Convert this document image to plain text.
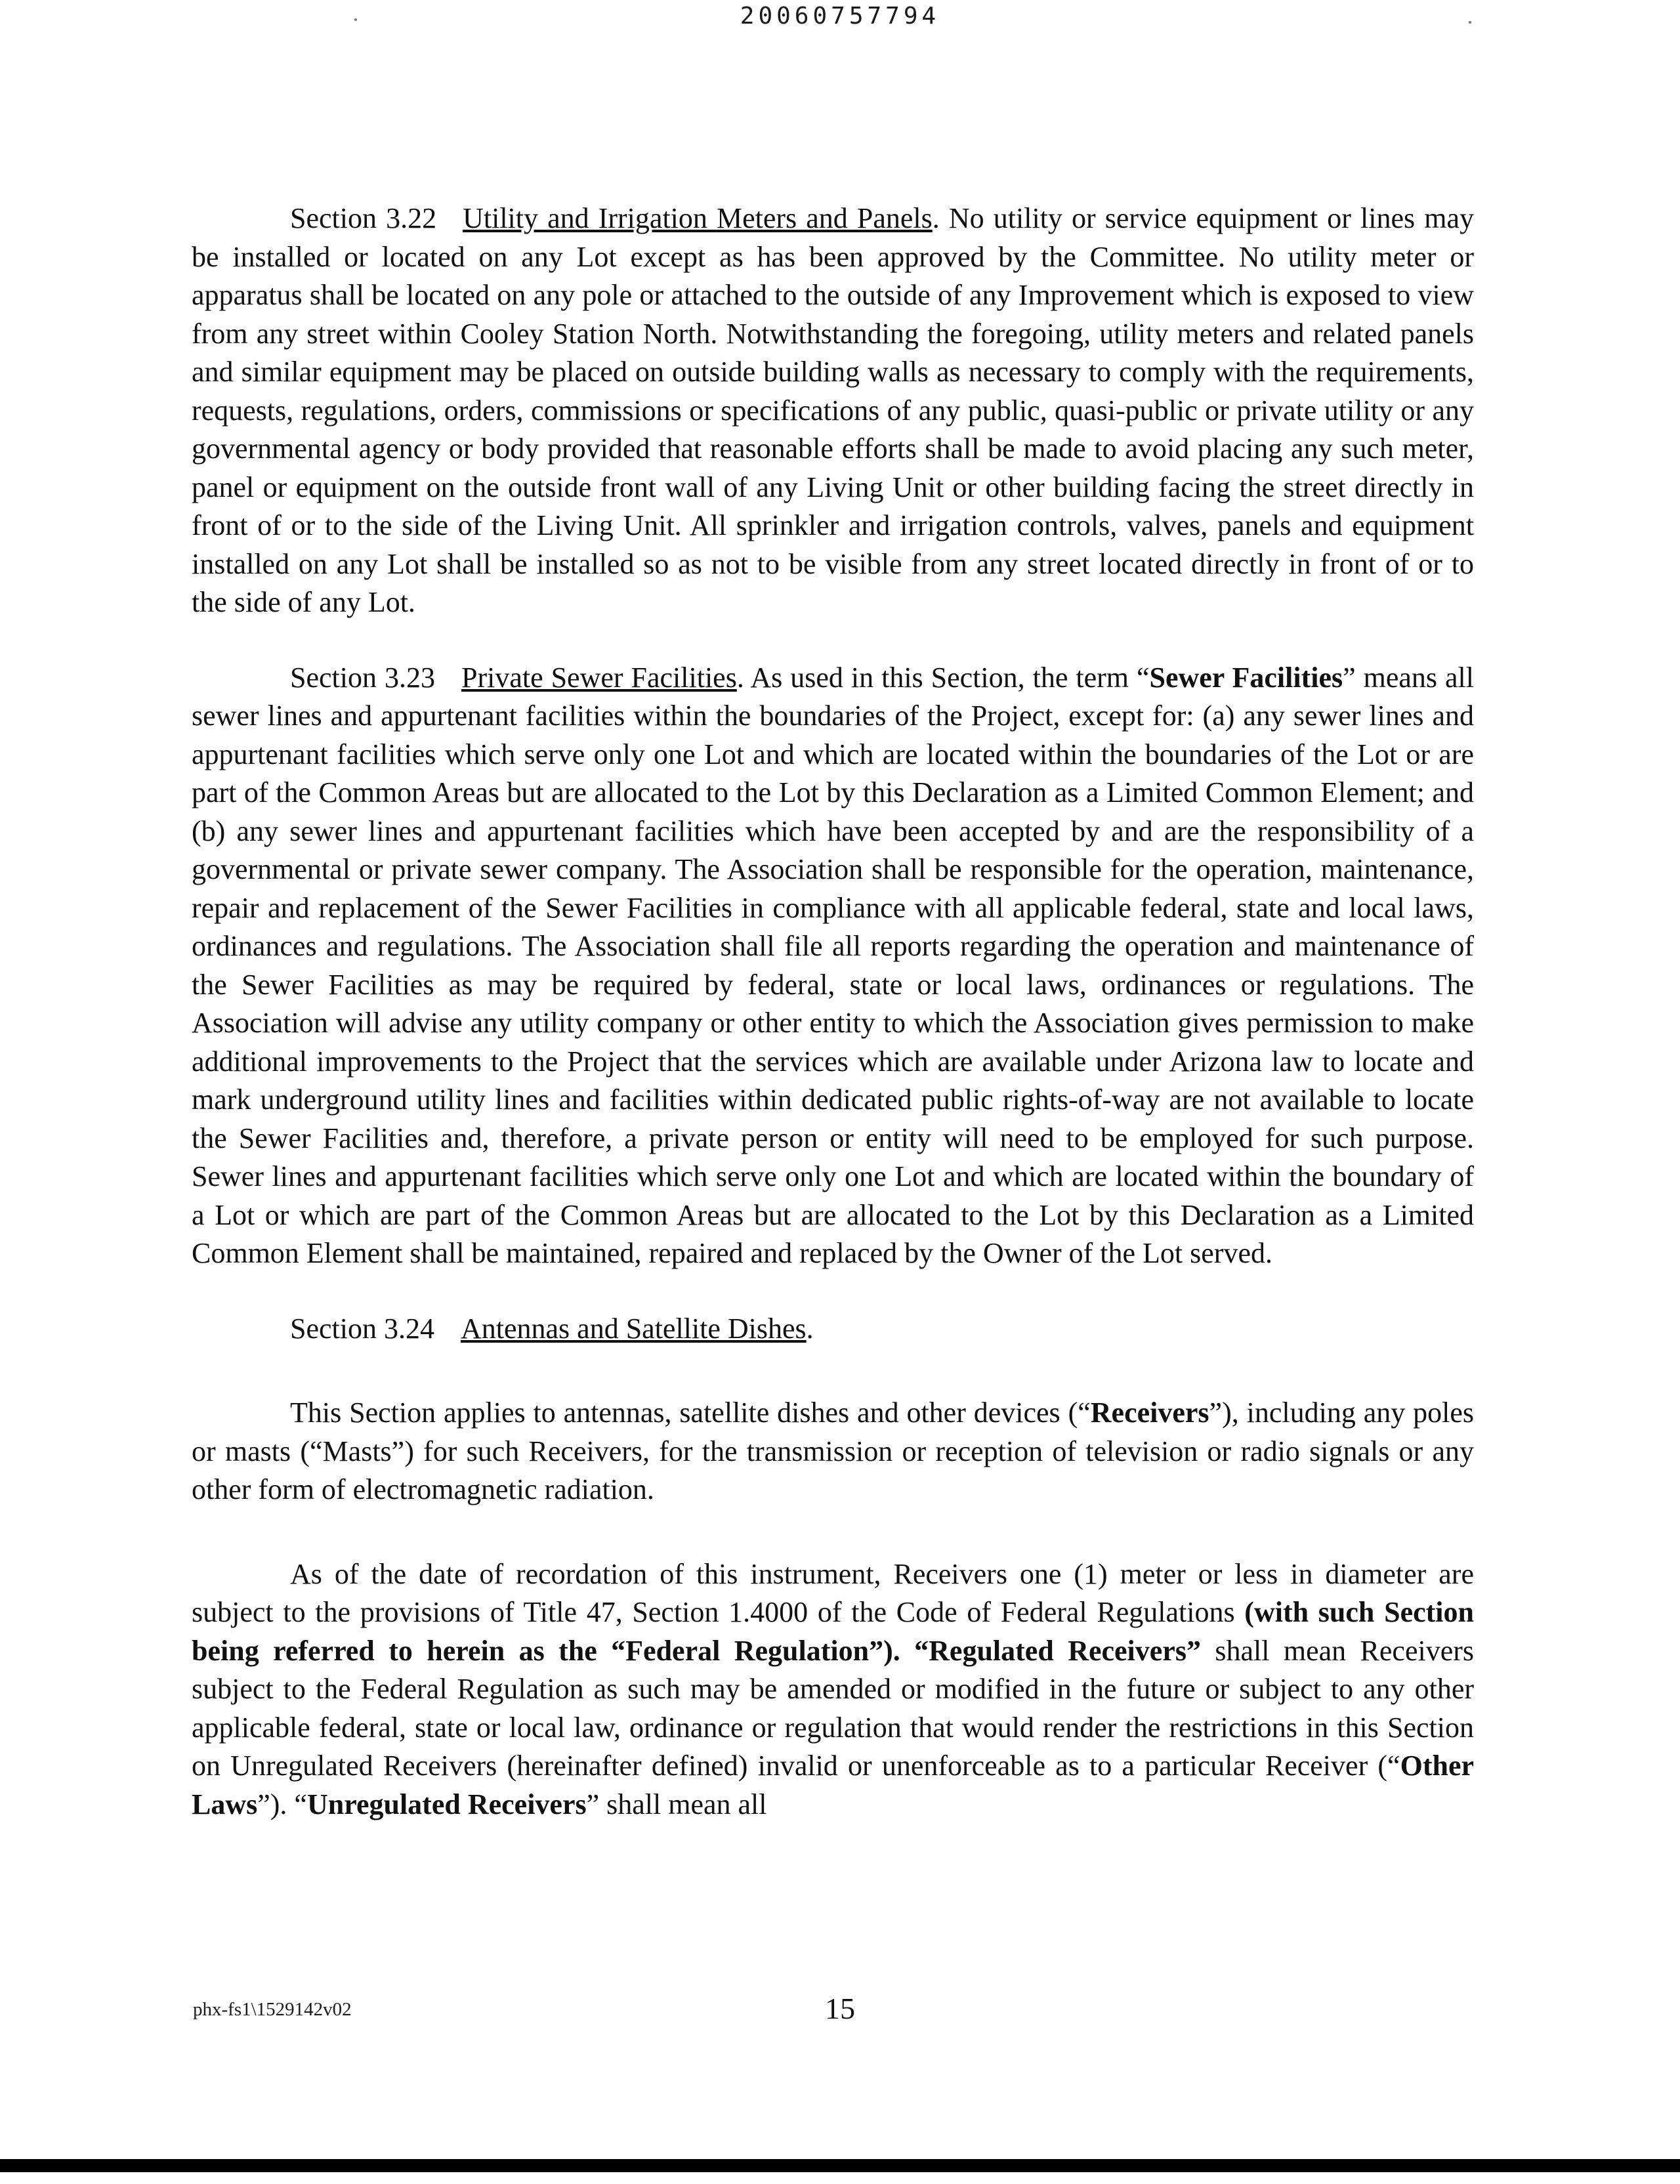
20060757794

Section 3.22 Utility and Irrigation Meters and Panels. No utility or service equipment or lines may be installed or located on any Lot except as has been approved by the Committee. No utility meter or apparatus shall be located on any pole or attached to the outside of any Improvement which is exposed to view from any street within Cooley Station North. Notwithstanding the foregoing, utility meters and related panels and similar equipment may be placed on outside building walls as necessary to comply with the requirements, requests, regulations, orders, commissions or specifications of any public, quasi-public or private utility or any governmental agency or body provided that reasonable efforts shall be made to avoid placing any such meter, panel or equipment on the outside front wall of any Living Unit or other building facing the street directly in front of or to the side of the Living Unit. All sprinkler and irrigation controls, valves, panels and equipment installed on any Lot shall be installed so as not to be visible from any street located directly in front of or to the side of any Lot.

Section 3.23 Private Sewer Facilities. As used in this Section, the term “Sewer Facilities” means all sewer lines and appurtenant facilities within the boundaries of the Project, except for: (a) any sewer lines and appurtenant facilities which serve only one Lot and which are located within the boundaries of the Lot or are part of the Common Areas but are allocated to the Lot by this Declaration as a Limited Common Element; and (b) any sewer lines and appurtenant facilities which have been accepted by and are the responsibility of a governmental or private sewer company. The Association shall be responsible for the operation, maintenance, repair and replacement of the Sewer Facilities in compliance with all applicable federal, state and local laws, ordinances and regulations. The Association shall file all reports regarding the operation and maintenance of the Sewer Facilities as may be required by federal, state or local laws, ordinances or regulations. The Association will advise any utility company or other entity to which the Association gives permission to make additional improvements to the Project that the services which are available under Arizona law to locate and mark underground utility lines and facilities within dedicated public rights-of-way are not available to locate the Sewer Facilities and, therefore, a private person or entity will need to be employed for such purpose. Sewer lines and appurtenant facilities which serve only one Lot and which are located within the boundary of a Lot or which are part of the Common Areas but are allocated to the Lot by this Declaration as a Limited Common Element shall be maintained, repaired and replaced by the Owner of the Lot served.

Section 3.24 Antennas and Satellite Dishes.

This Section applies to antennas, satellite dishes and other devices (“Receivers”), including any poles or masts (“Masts”) for such Receivers, for the transmission or reception of television or radio signals or any other form of electromagnetic radiation.

As of the date of recordation of this instrument, Receivers one (1) meter or less in diameter are subject to the provisions of Title 47, Section 1.4000 of the Code of Federal Regulations (with such Section being referred to herein as the “Federal Regulation”). “Regulated Receivers” shall mean Receivers subject to the Federal Regulation as such may be amended or modified in the future or subject to any other applicable federal, state or local law, ordinance or regulation that would render the restrictions in this Section on Unregulated Receivers (hereinafter defined) invalid or unenforceable as to a particular Receiver (“Other Laws”). “Unregulated Receivers” shall mean all

phx-fs1\1529142v02	15
